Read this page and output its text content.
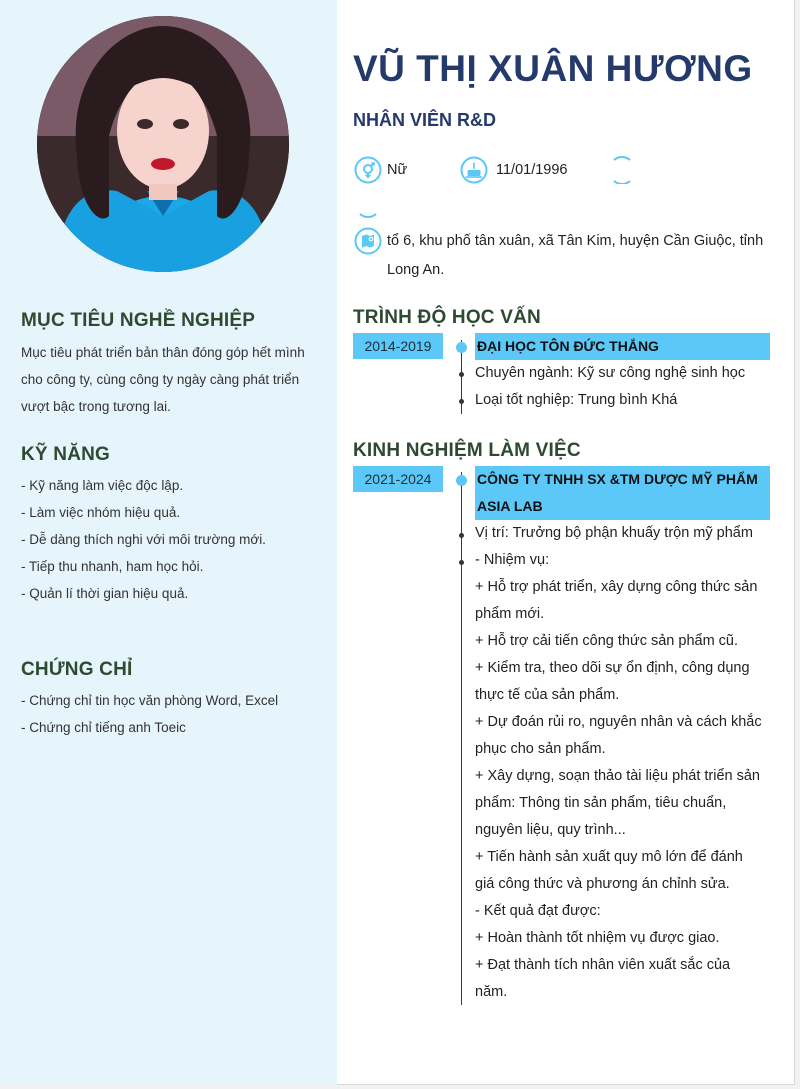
MỤC TIÊU NGHỀ NGHIỆP
Mục tiêu phát triển bản thân đóng góp hết mình
cho công ty, cùng công ty ngày càng phát triển
vượt bậc trong tương lai.
KỸ NĂNG
- Kỹ năng làm việc độc lập.
- Làm việc nhóm hiệu quả.
- Dễ dàng thích nghi với môi trường mới.
- Tiếp thu nhanh, ham học hỏi.
- Quản lí thời gian hiệu quả.
CHỨNG CHỈ
- Chứng chỉ tin học văn phòng Word, Excel
- Chứng chỉ tiếng anh Toeic
VŨ THỊ XUÂN HƯƠNG
NHÂN VIÊN R&D
Nữ	11/01/1996
tổ 6, khu phố tân xuân, xã Tân Kim, huyện Cần Giuộc, tỉnh
Long An.
TRÌNH ĐỘ HỌC VẤN
2014-2019	ĐẠI HỌC TÔN ĐỨC THẮNG
Chuyên ngành: Kỹ sư công nghệ sinh học
Loại tốt nghiệp: Trung bình Khá
KINH NGHIỆM LÀM VIỆC
2021-2024	CÔNG TY TNHH SX &TM DƯỢC MỸ PHẨM
ASIA LAB
Vị trí: Trưởng bộ phận khuấy trộn mỹ phẩm
- Nhiệm vụ:
+ Hỗ trợ phát triển, xây dựng công thức sản
phẩm mới.
+ Hỗ trợ cải tiến công thức sản phẩm cũ.
+ Kiểm tra, theo dõi sự ổn định, công dụng
thực tế của sản phẩm.
+ Dự đoán rủi ro, nguyên nhân và cách khắc
phục cho sản phẩm.
+ Xây dựng, soạn thảo tài liệu phát triển sản
phẩm: Thông tin sản phẩm, tiêu chuẩn,
nguyên liệu, quy trình...
+ Tiến hành sản xuất quy mô lớn để đánh
giá công thức và phương án chỉnh sửa.
- Kết quả đạt được:
+ Hoàn thành tốt nhiệm vụ được giao.
+ Đạt thành tích nhân viên xuất sắc của
năm.
